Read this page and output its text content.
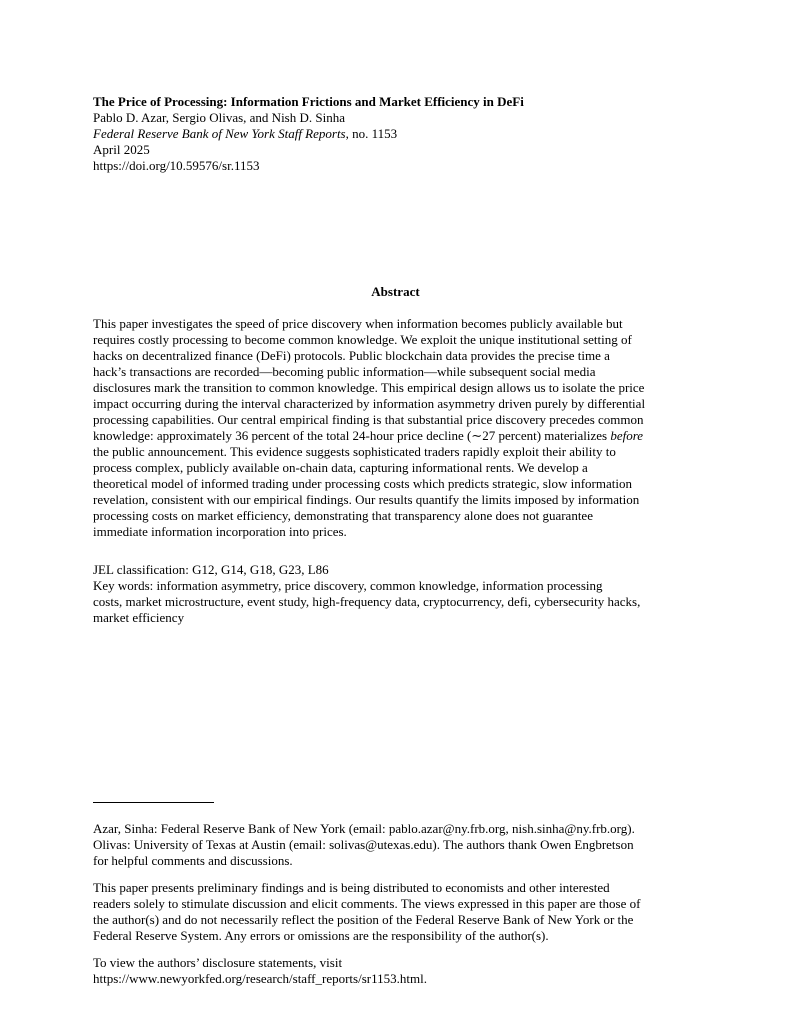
The Price of Processing: Information Frictions and Market Efficiency in DeFi
Pablo D. Azar, Sergio Olivas, and Nish D. Sinha
Federal Reserve Bank of New York Staff Reports, no. 1153
April 2025
https://doi.org/10.59576/sr.1153
Abstract
This paper investigates the speed of price discovery when information becomes publicly available but
requires costly processing to become common knowledge. We exploit the unique institutional setting of
hacks on decentralized finance (DeFi) protocols. Public blockchain data provides the precise time a
hack’s transactions are recorded—becoming public information—while subsequent social media
disclosures mark the transition to common knowledge. This empirical design allows us to isolate the price
impact occurring during the interval characterized by information asymmetry driven purely by differential
processing capabilities. Our central empirical finding is that substantial price discovery precedes common
knowledge: approximately 36 percent of the total 24-hour price decline (∼27 percent) materializes before
the public announcement. This evidence suggests sophisticated traders rapidly exploit their ability to
process complex, publicly available on-chain data, capturing informational rents. We develop a
theoretical model of informed trading under processing costs which predicts strategic, slow information
revelation, consistent with our empirical findings. Our results quantify the limits imposed by information
processing costs on market efficiency, demonstrating that transparency alone does not guarantee
immediate information incorporation into prices.
JEL classification: G12, G14, G18, G23, L86
Key words: information asymmetry, price discovery, common knowledge, information processing
costs, market microstructure, event study, high-frequency data, cryptocurrency, defi, cybersecurity hacks,
market efficiency
Azar, Sinha: Federal Reserve Bank of New York (email: pablo.azar@ny.frb.org, nish.sinha@ny.frb.org).
Olivas: University of Texas at Austin (email: solivas@utexas.edu). The authors thank Owen Engbretson
for helpful comments and discussions.
This paper presents preliminary findings and is being distributed to economists and other interested
readers solely to stimulate discussion and elicit comments. The views expressed in this paper are those of
the author(s) and do not necessarily reflect the position of the Federal Reserve Bank of New York or the
Federal Reserve System. Any errors or omissions are the responsibility of the author(s).
To view the authors’ disclosure statements, visit
https://www.newyorkfed.org/research/staff_reports/sr1153.html.
